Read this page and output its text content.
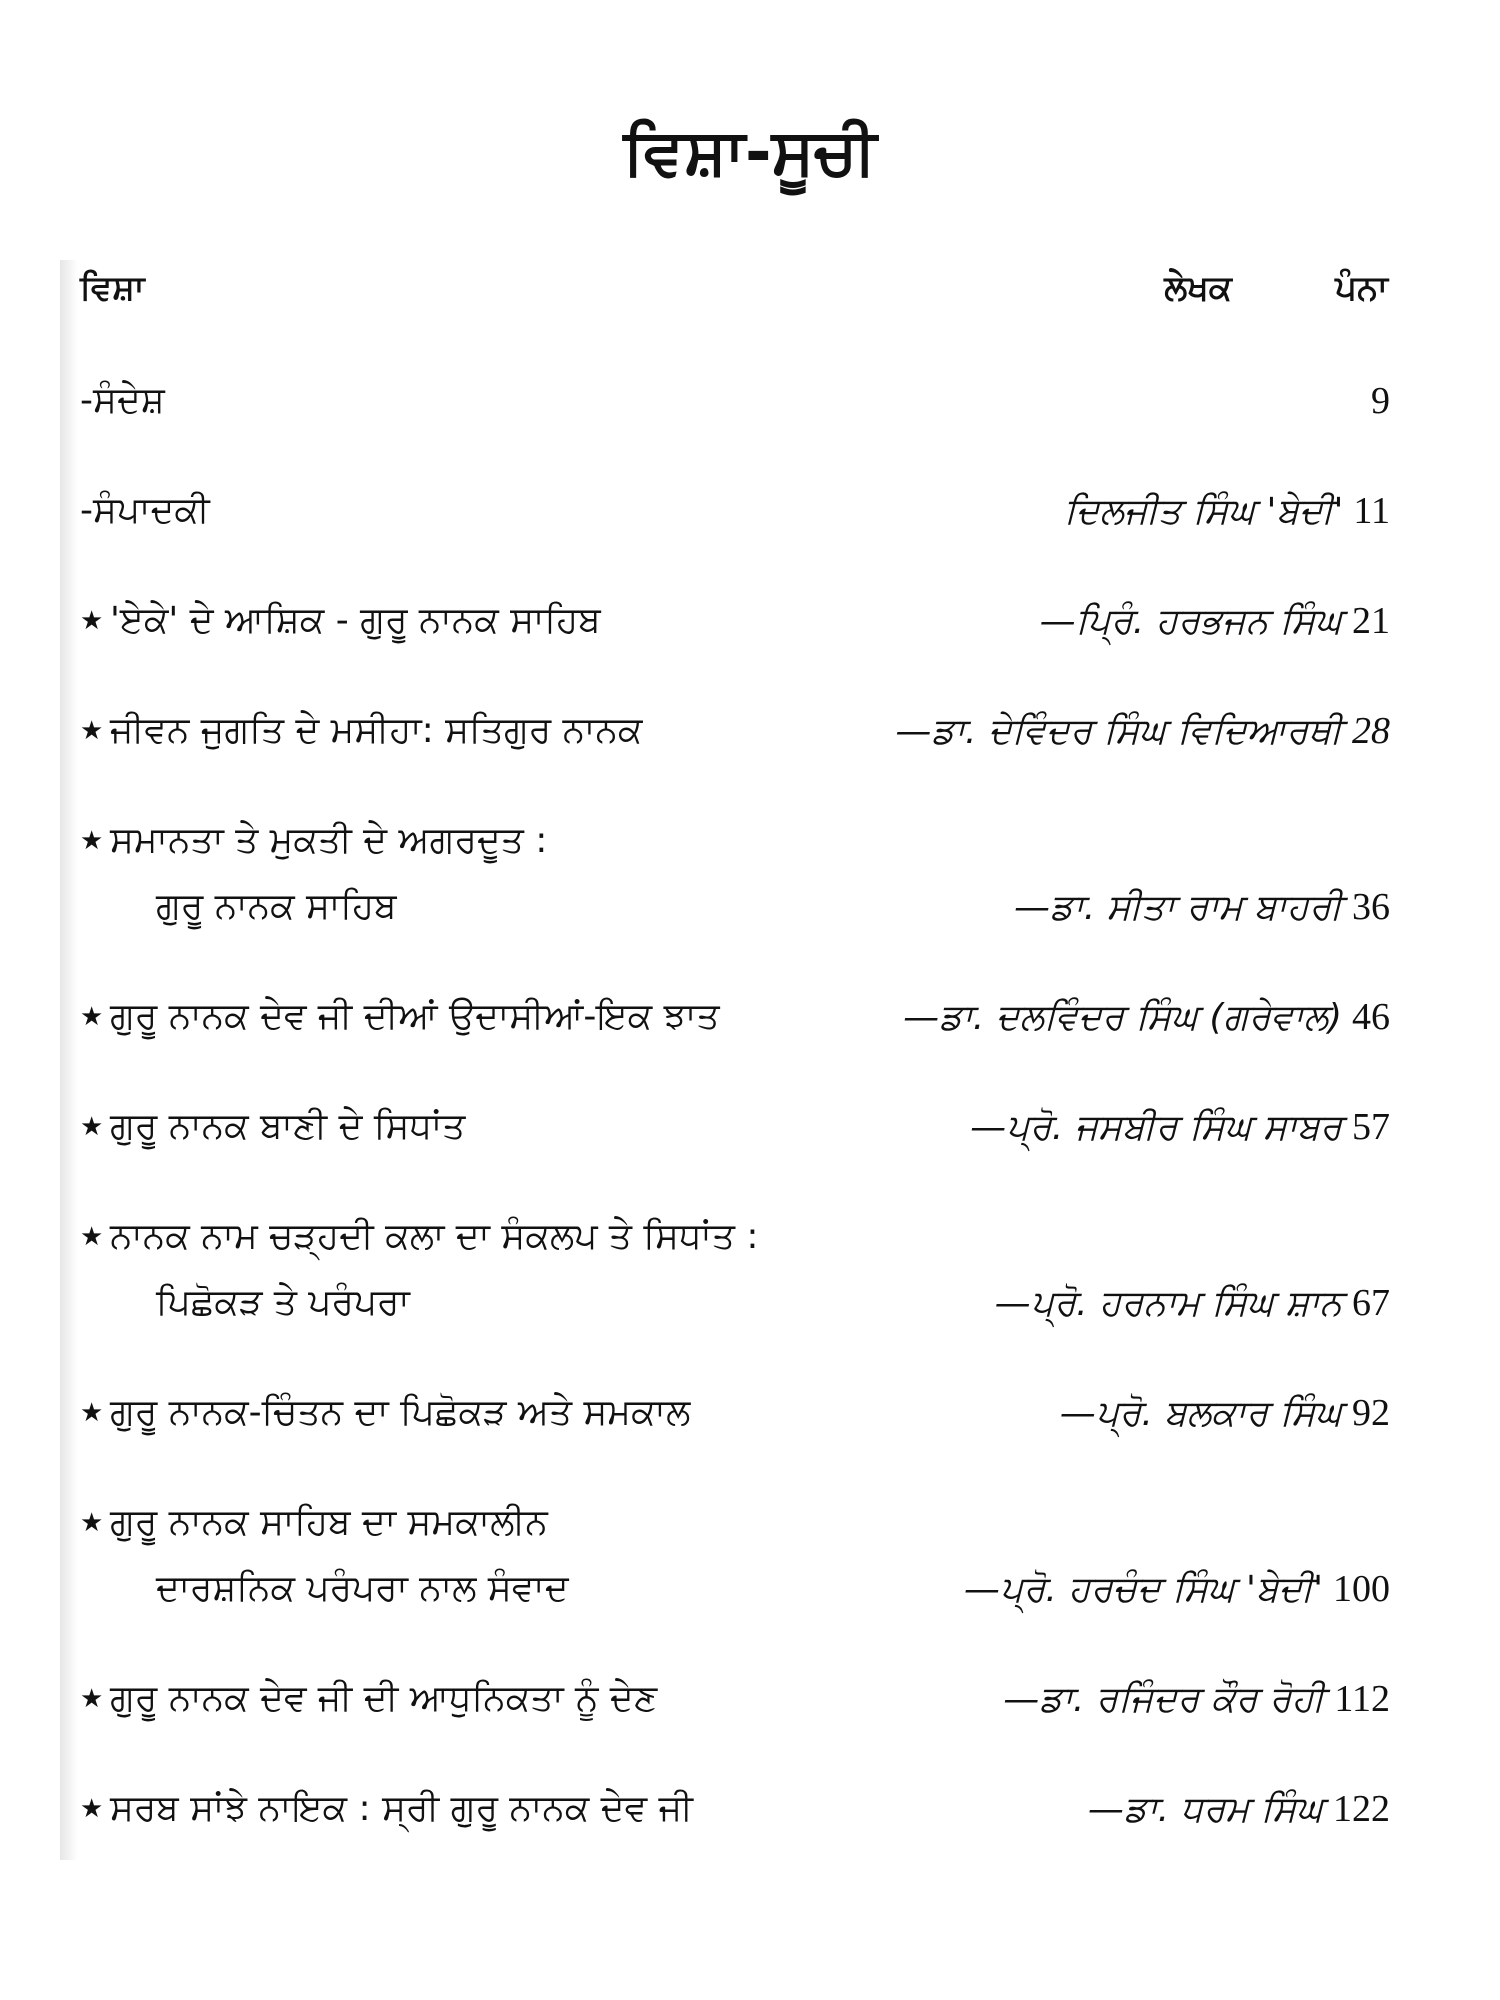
ਵਿਸ਼ਾ-ਸੂਚੀ
ਵਿਸ਼ਾ	ਲੇਖਕ	ਪੰਨਾ
-ਸੰਦੇਸ਼	9
-ਸੰਪਾਦਕੀ	ਦਿਲਜੀਤ ਸਿੰਘ 'ਬੇਦੀ' 11
★ 'ਏਕੇ' ਦੇ ਆਸ਼ਿਕ - ਗੁਰੂ ਨਾਨਕ ਸਾਹਿਬ	—ਪ੍ਰਿੰ. ਹਰਭਜਨ ਸਿੰਘ 21
★ ਜੀਵਨ ਜੁਗਤਿ ਦੇ ਮਸੀਹਾ: ਸਤਿਗੁਰ ਨਾਨਕ	—ਡਾ. ਦੇਵਿੰਦਰ ਸਿੰਘ ਵਿਦਿਆਰਥੀ 28
★ ਸਮਾਨਤਾ ਤੇ ਮੁਕਤੀ ਦੇ ਅਗਰਦੂਤ :
ਗੁਰੂ ਨਾਨਕ ਸਾਹਿਬ	—ਡਾ. ਸੀਤਾ ਰਾਮ ਬਾਹਰੀ 36
★ ਗੁਰੂ ਨਾਨਕ ਦੇਵ ਜੀ ਦੀਆਂ ਉਦਾਸੀਆਂ-ਇਕ ਝਾਤ	—ਡਾ. ਦਲਵਿੰਦਰ ਸਿੰਘ (ਗਰੇਵਾਲ) 46
★ ਗੁਰੂ ਨਾਨਕ ਬਾਣੀ ਦੇ ਸਿਧਾਂਤ	—ਪ੍ਰੋ. ਜਸਬੀਰ ਸਿੰਘ ਸਾਬਰ 57
★ ਨਾਨਕ ਨਾਮ ਚੜ੍ਹਦੀ ਕਲਾ ਦਾ ਸੰਕਲਪ ਤੇ ਸਿਧਾਂਤ :
ਪਿਛੋਕੜ ਤੇ ਪਰੰਪਰਾ	—ਪ੍ਰੋ. ਹਰਨਾਮ ਸਿੰਘ ਸ਼ਾਨ 67
★ ਗੁਰੂ ਨਾਨਕ-ਚਿੰਤਨ ਦਾ ਪਿਛੋਕੜ ਅਤੇ ਸਮਕਾਲ	—ਪ੍ਰੋ. ਬਲਕਾਰ ਸਿੰਘ 92
★ ਗੁਰੂ ਨਾਨਕ ਸਾਹਿਬ ਦਾ ਸਮਕਾਲੀਨ
ਦਾਰਸ਼ਨਿਕ ਪਰੰਪਰਾ ਨਾਲ ਸੰਵਾਦ	—ਪ੍ਰੋ. ਹਰਚੰਦ ਸਿੰਘ 'ਬੇਦੀ' 100
★ ਗੁਰੂ ਨਾਨਕ ਦੇਵ ਜੀ ਦੀ ਆਧੁਨਿਕਤਾ ਨੂੰ ਦੇਣ	—ਡਾ. ਰਜਿੰਦਰ ਕੌਰ ਰੋਹੀ 112
★ ਸਰਬ ਸਾਂਝੇ ਨਾਇਕ : ਸ੍ਰੀ ਗੁਰੂ ਨਾਨਕ ਦੇਵ ਜੀ	—ਡਾ. ਧਰਮ ਸਿੰਘ 122
